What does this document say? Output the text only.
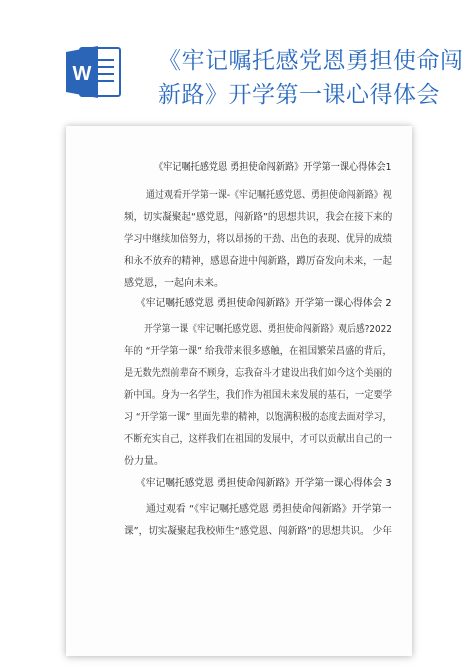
W	《牢记嘱托感党恩勇担使命闯
新路》开学第一课心得体会
《牢记嘱托感党恩 勇担使命闯新路》开学第一课心得体会1
通过观看开学第一课-《牢记嘱托感党恩、勇担使命闯新路》视
频，切实凝聚起“感党恩，闯新路”的思想共识，我会在接下来的
学习中继续加倍努力，将以昂扬的干劲、出色的表现、优异的成绩
和永不放弃的精神，感恩奋进中闯新路，蹲厉奋发向未来，一起
感党恩，一起向未来。
《牢记嘱托感党恩 勇担使命闯新路》开学第一课心得体会 2
开学第一课《牢记嘱托感党恩、勇担使命闯新路》观后感?2022
年的 “开学第一课” 给我带来很多感触，在祖国繁荣昌盛的背后，
是无数先烈前辈奋不顾身，忘我奋斗才建设出我们如今这个美丽的
新中国。身为一名学生，我们作为祖国未来发展的基石，一定要学
习 “开学第一课” 里面先辈的精神，以饱满积极的态度去面对学习，
不断充实自己，这样我们在祖国的发展中，才可以贡献出自己的一
份力量。
《牢记嘱托感党恩 勇担使命闯新路》开学第一课心得体会 3
通过观看 “《牢记嘱托感党恩 勇担使命闯新路》开学第一
课”，切实凝聚起我校师生“感党恩、闯新路”的思想共识。 少年
